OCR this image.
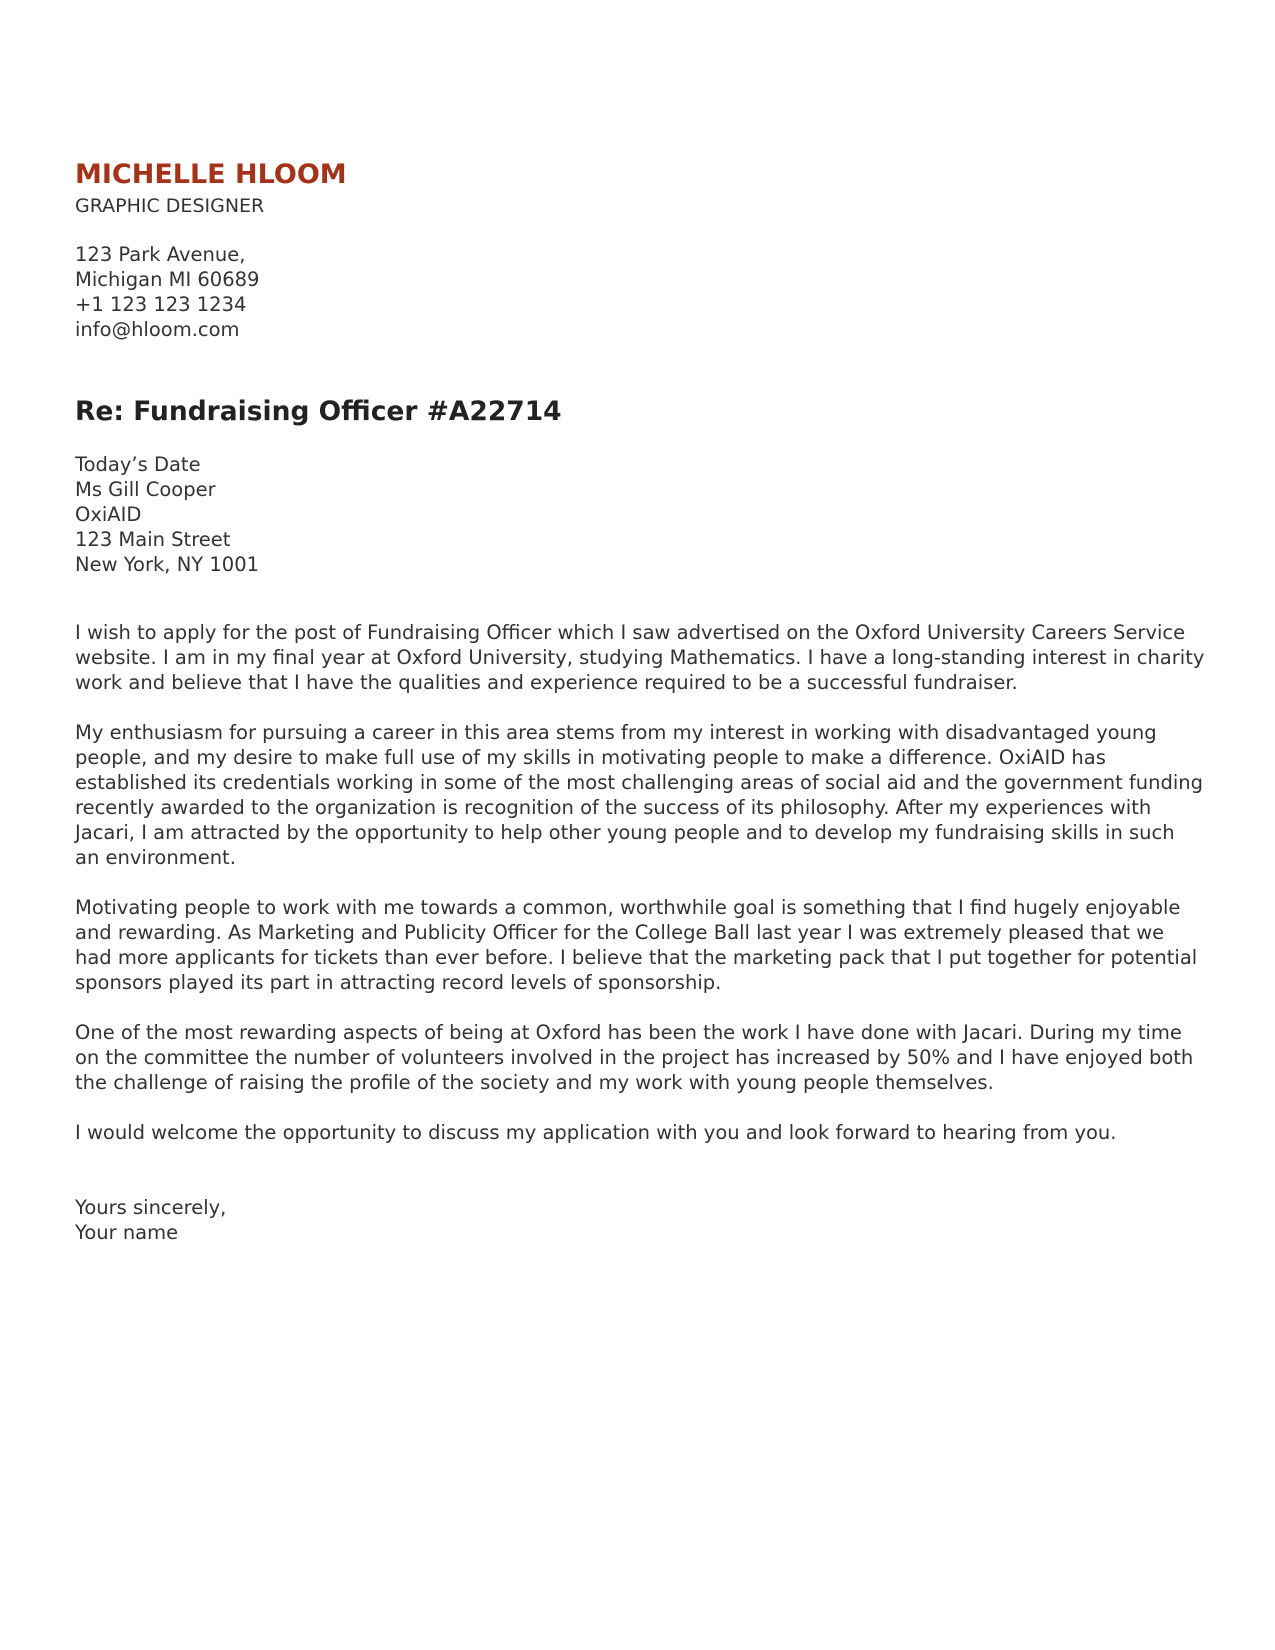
MICHELLE HLOOM
GRAPHIC DESIGNER
123 Park Avenue,
Michigan MI 60689
+1 123 123 1234
info@hloom.com
Re: Fundraising Officer #A22714
Today’s Date
Ms Gill Cooper
OxiAID
123 Main Street
New York, NY 1001

I wish to apply for the post of Fundraising Officer which I saw advertised on the Oxford University Careers Service website. I am in my final year at Oxford University, studying Mathematics. I have a long-standing interest in charity work and believe that I have the qualities and experience required to be a successful fundraiser.

My enthusiasm for pursuing a career in this area stems from my interest in working with disadvantaged young people, and my desire to make full use of my skills in motivating people to make a difference. OxiAID has established its credentials working in some of the most challenging areas of social aid and the government funding recently awarded to the organization is recognition of the success of its philosophy. After my experiences with Jacari, I am attracted by the opportunity to help other young people and to develop my fundraising skills in such an environment.

Motivating people to work with me towards a common, worthwhile goal is something that I find hugely enjoyable and rewarding. As Marketing and Publicity Officer for the College Ball last year I was extremely pleased that we had more applicants for tickets than ever before. I believe that the marketing pack that I put together for potential sponsors played its part in attracting record levels of sponsorship.

One of the most rewarding aspects of being at Oxford has been the work I have done with Jacari. During my time on the committee the number of volunteers involved in the project has increased by 50% and I have enjoyed both the challenge of raising the profile of the society and my work with young people themselves.

I would welcome the opportunity to discuss my application with you and look forward to hearing from you.

Yours sincerely,
Your name
